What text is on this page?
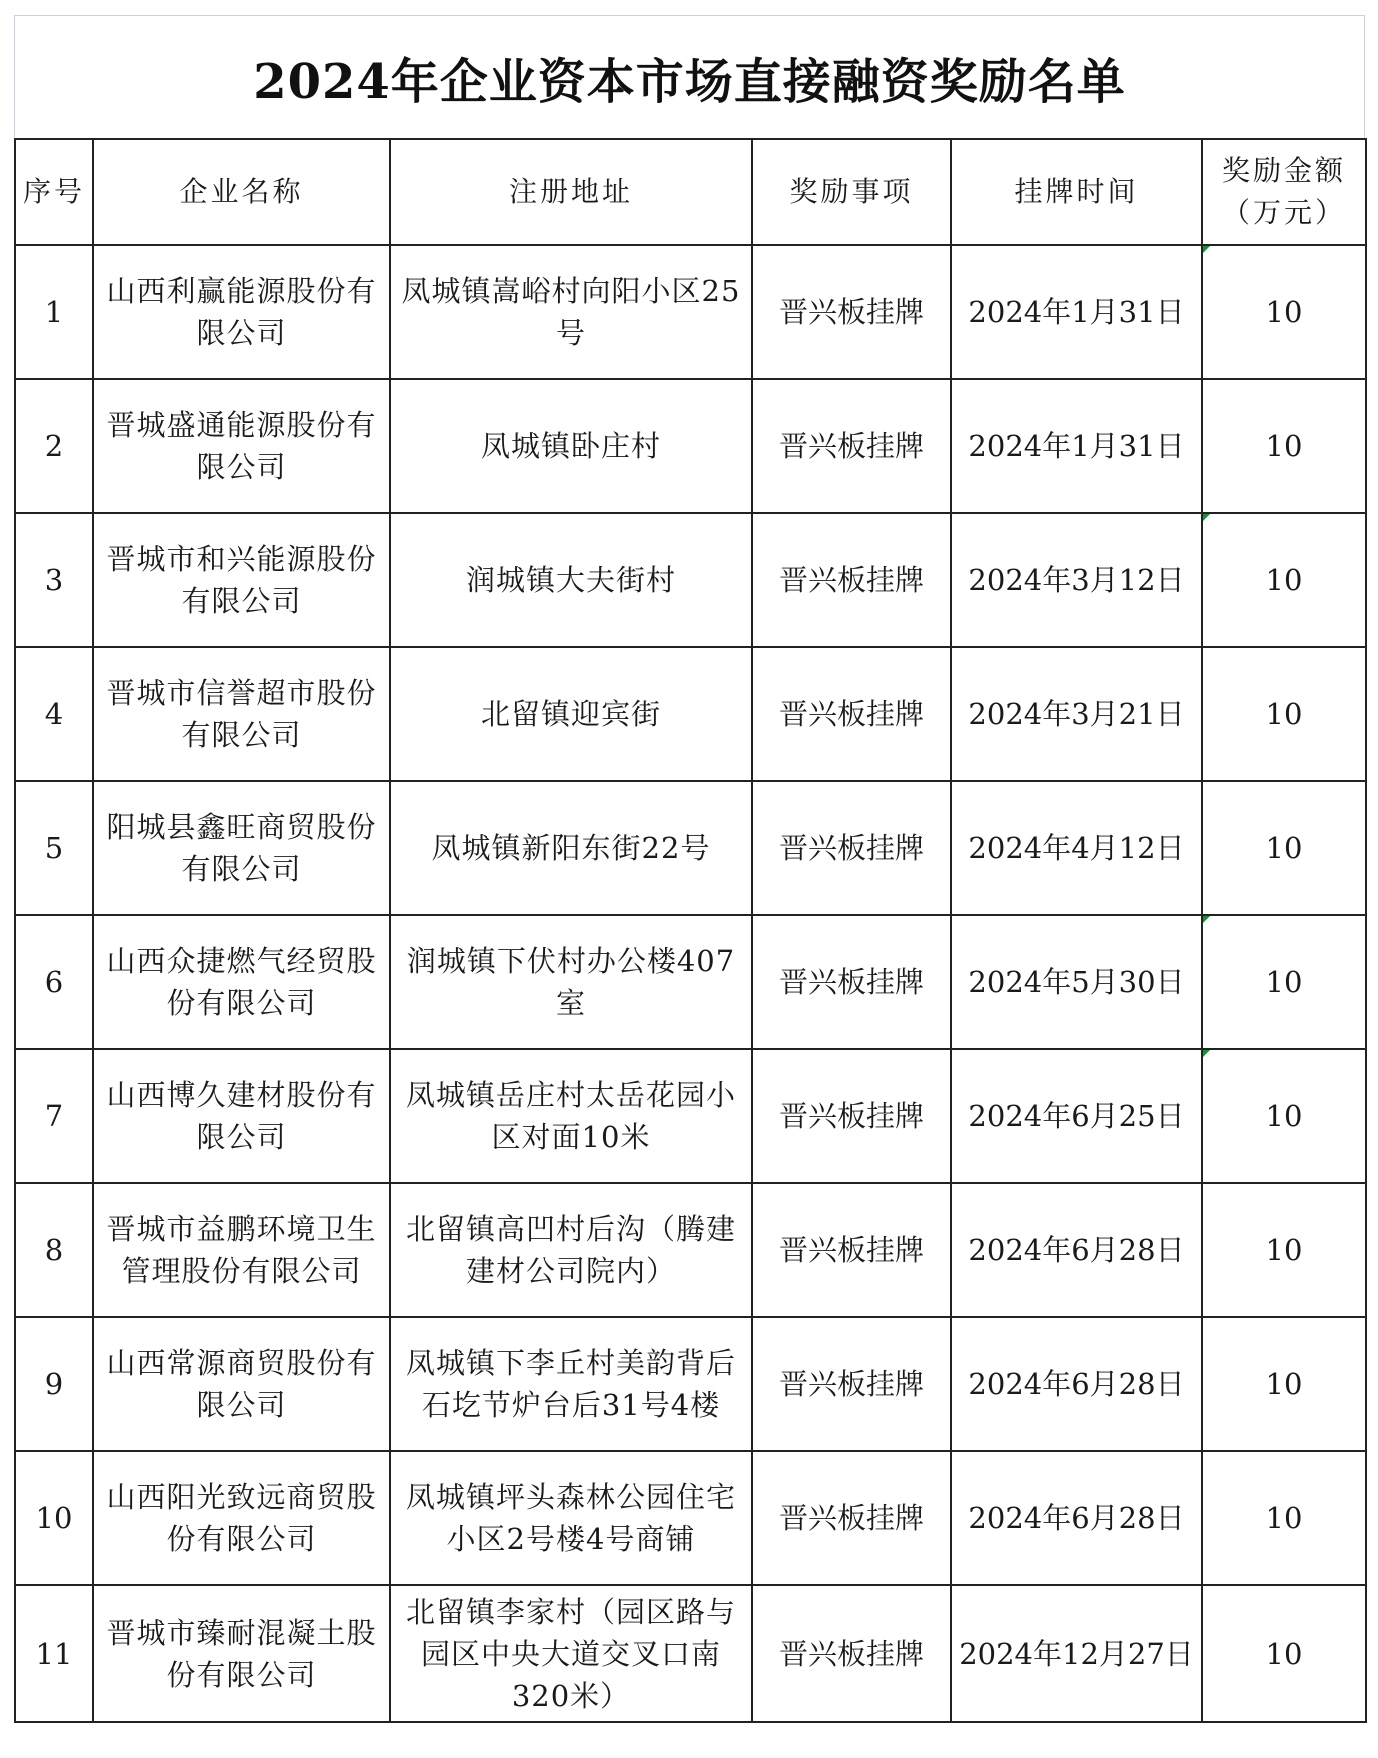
2024年企业资本市场直接融资奖励名单
序号	企业名称	注册地址	奖励事项	挂牌时间	奖励金额
（万元）

1	山西利赢能源股份有限公司	凤城镇嵩峪村向阳小区25号	晋兴板挂牌	2024年1月31日	10

2	晋城盛通能源股份有限公司	凤城镇卧庄村	晋兴板挂牌	2024年1月31日	10
3	晋城市和兴能源股份有限公司	润城镇大夫街村	晋兴板挂牌	2024年3月12日	10

4	晋城市信誉超市股份有限公司	北留镇迎宾街	晋兴板挂牌	2024年3月21日	10
5	阳城县鑫旺商贸股份有限公司	凤城镇新阳东街22号	晋兴板挂牌	2024年4月12日	10
6	山西众捷燃气经贸股份有限公司	润城镇下伏村办公楼407室	晋兴板挂牌	2024年5月30日	10

7	山西博久建材股份有限公司	凤城镇岳庄村太岳花园小区对面10米	晋兴板挂牌	2024年6月25日	10

8	晋城市益鹏环境卫生管理股份有限公司	北留镇高凹村后沟（腾建建材公司院内）	晋兴板挂牌	2024年6月28日	10
9	山西常源商贸股份有限公司	凤城镇下李丘村美韵背后石圪节炉台后31号4楼	晋兴板挂牌	2024年6月28日	10
10	山西阳光致远商贸股份有限公司	凤城镇坪头森林公园住宅小区2号楼4号商铺	晋兴板挂牌	2024年6月28日	10
11	晋城市臻耐混凝土股份有限公司	北留镇李家村（园区路与园区中央大道交叉口南320米）	晋兴板挂牌	2024年12月27日	10
